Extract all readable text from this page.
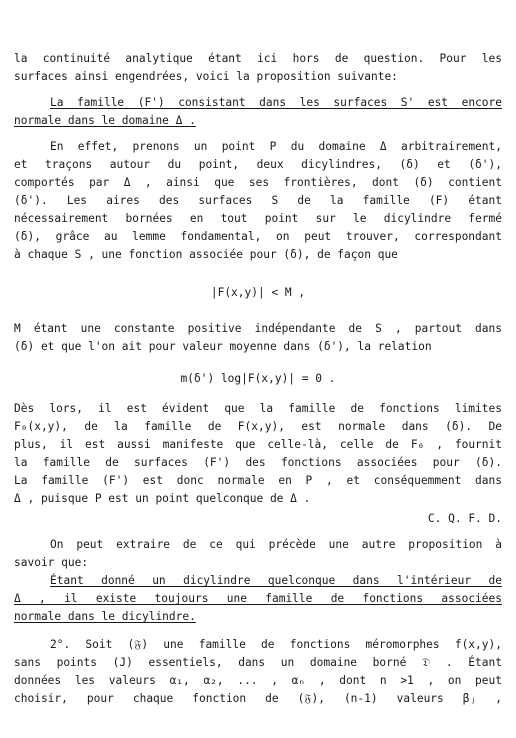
la continuité analytique étant ici hors de question. Pour les
surfaces ainsi engendrées, voici la proposition suivante:
La famille (F') consistant dans les surfaces S' est encore
normale dans le domaine Δ .
En effet, prenons un point P du domaine Δ arbitrairement,
et traçons autour du point, deux dicylindres, (δ) et (δ'),
comportés par Δ , ainsi que ses frontières, dont (δ) contient
(δ'). Les aires des surfaces S de la famille (F) étant
nécessairement bornées en tout point sur le dicylindre fermé
(δ), grâce au lemme fondamental, on peut trouver, correspondant
à chaque S , une fonction associée pour (δ), de façon que
|F(x,y)| < M ,
M étant une constante positive indépendante de S , partout dans
(δ) et que l'on ait pour valeur moyenne dans (δ'), la relation
m(δ') log|F(x,y)| = 0 .
Dès lors, il est évident que la famille de fonctions limites
F₀(x,y), de la famille de F(x,y), est normale dans (δ). De
plus, il est aussi manifeste que celle-là, celle de F₀ , fournit
la famille de surfaces (F') des fonctions associées pour (δ).
La famille (F') est donc normale en P , et conséquemment dans
Δ , puisque P est un point quelconque de Δ .
C. Q. F. D.
On peut extraire de ce qui précède une autre proposition à
savoir que:
Étant donné un dicylindre quelconque dans l'intérieur de
Δ , il existe toujours une famille de fonctions associées
normale dans le dicylindre.
2°. Soit (𝔉) une famille de fonctions méromorphes f(x,y),
sans points (J) essentiels, dans un domaine borné 𝔇 . Étant
données les valeurs α₁, α₂, ... , αₙ , dont n >1 , on peut
choisir, pour chaque fonction de (𝔉), (n-1) valeurs βⱼ ,
